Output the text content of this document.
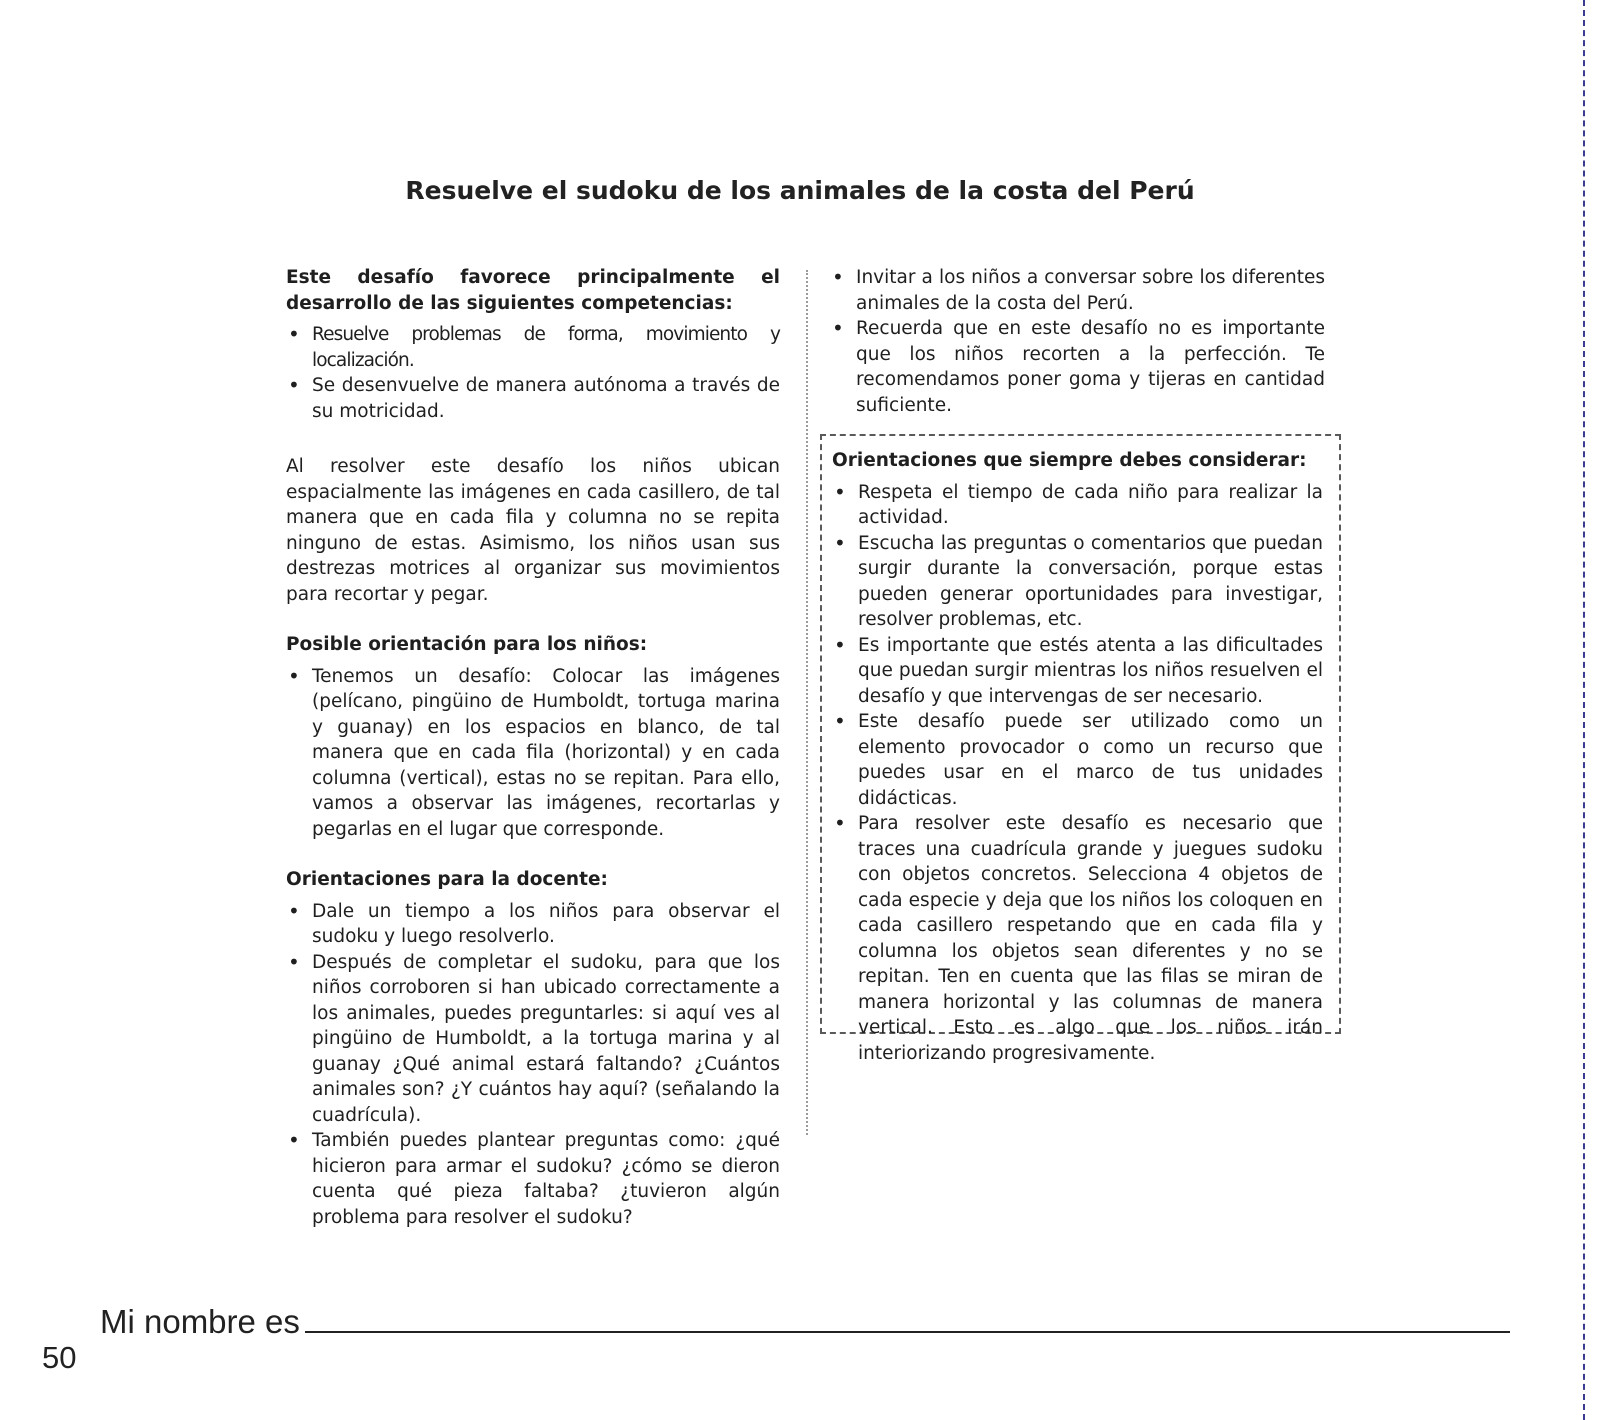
Resuelve el sudoku de los animales de la costa del Perú

Este desafío favorece principalmente el desarrollo de las siguientes competencias:

• Resuelve problemas de forma, movimiento y localización.
• Se desenvuelve de manera autónoma a través de su motricidad.

Al resolver este desafío los niños ubican espacialmente las imágenes en cada casillero, de tal manera que en cada fila y columna no se repita ninguno de estas. Asimismo, los niños usan sus destrezas motrices al organizar sus movimientos para recortar y pegar.

Posible orientación para los niños:

• Tenemos un desafío: Colocar las imágenes (pelícano, pingüino de Humboldt, tortuga marina y guanay) en los espacios en blanco, de tal manera que en cada fila (horizontal) y en cada columna (vertical), estas no se repitan. Para ello, vamos a observar las imágenes, recortarlas y pegarlas en el lugar que corresponde.

Orientaciones para la docente:

• Dale un tiempo a los niños para observar el sudoku y luego resolverlo.
• Después de completar el sudoku, para que los niños corroboren si han ubicado correctamente a los animales, puedes preguntarles: si aquí ves al pingüino de Humboldt, a la tortuga marina y al guanay ¿Qué animal estará faltando? ¿Cuántos animales son? ¿Y cuántos hay aquí? (señalando la cuadrícula).
• También puedes plantear preguntas como: ¿qué hicieron para armar el sudoku? ¿cómo se dieron cuenta qué pieza faltaba? ¿tuvieron algún problema para resolver el sudoku?
• Invitar a los niños a conversar sobre los diferentes animales de la costa del Perú.
• Recuerda que en este desafío no es importante que los niños recorten a la perfección. Te recomendamos poner goma y tijeras en cantidad suficiente.

Orientaciones que siempre debes considerar:

• Respeta el tiempo de cada niño para realizar la actividad.
• Escucha las preguntas o comentarios que puedan surgir durante la conversación, porque estas pueden generar oportunidades para investigar, resolver problemas, etc.
• Es importante que estés atenta a las dificultades que puedan surgir mientras los niños resuelven el desafío y que intervengas de ser necesario.
• Este desafío puede ser utilizado como un elemento provocador o como un recurso que puedes usar en el marco de tus unidades didácticas.
• Para resolver este desafío es necesario que traces una cuadrícula grande y juegues sudoku con objetos concretos. Selecciona 4 objetos de cada especie y deja que los niños los coloquen en cada casillero respetando que en cada fila y columna los objetos sean diferentes y no se repitan. Ten en cuenta que las filas se miran de manera horizontal y las columnas de manera vertical. Esto es algo que los niños irán interiorizando progresivamente.
Mi nombre es
50
